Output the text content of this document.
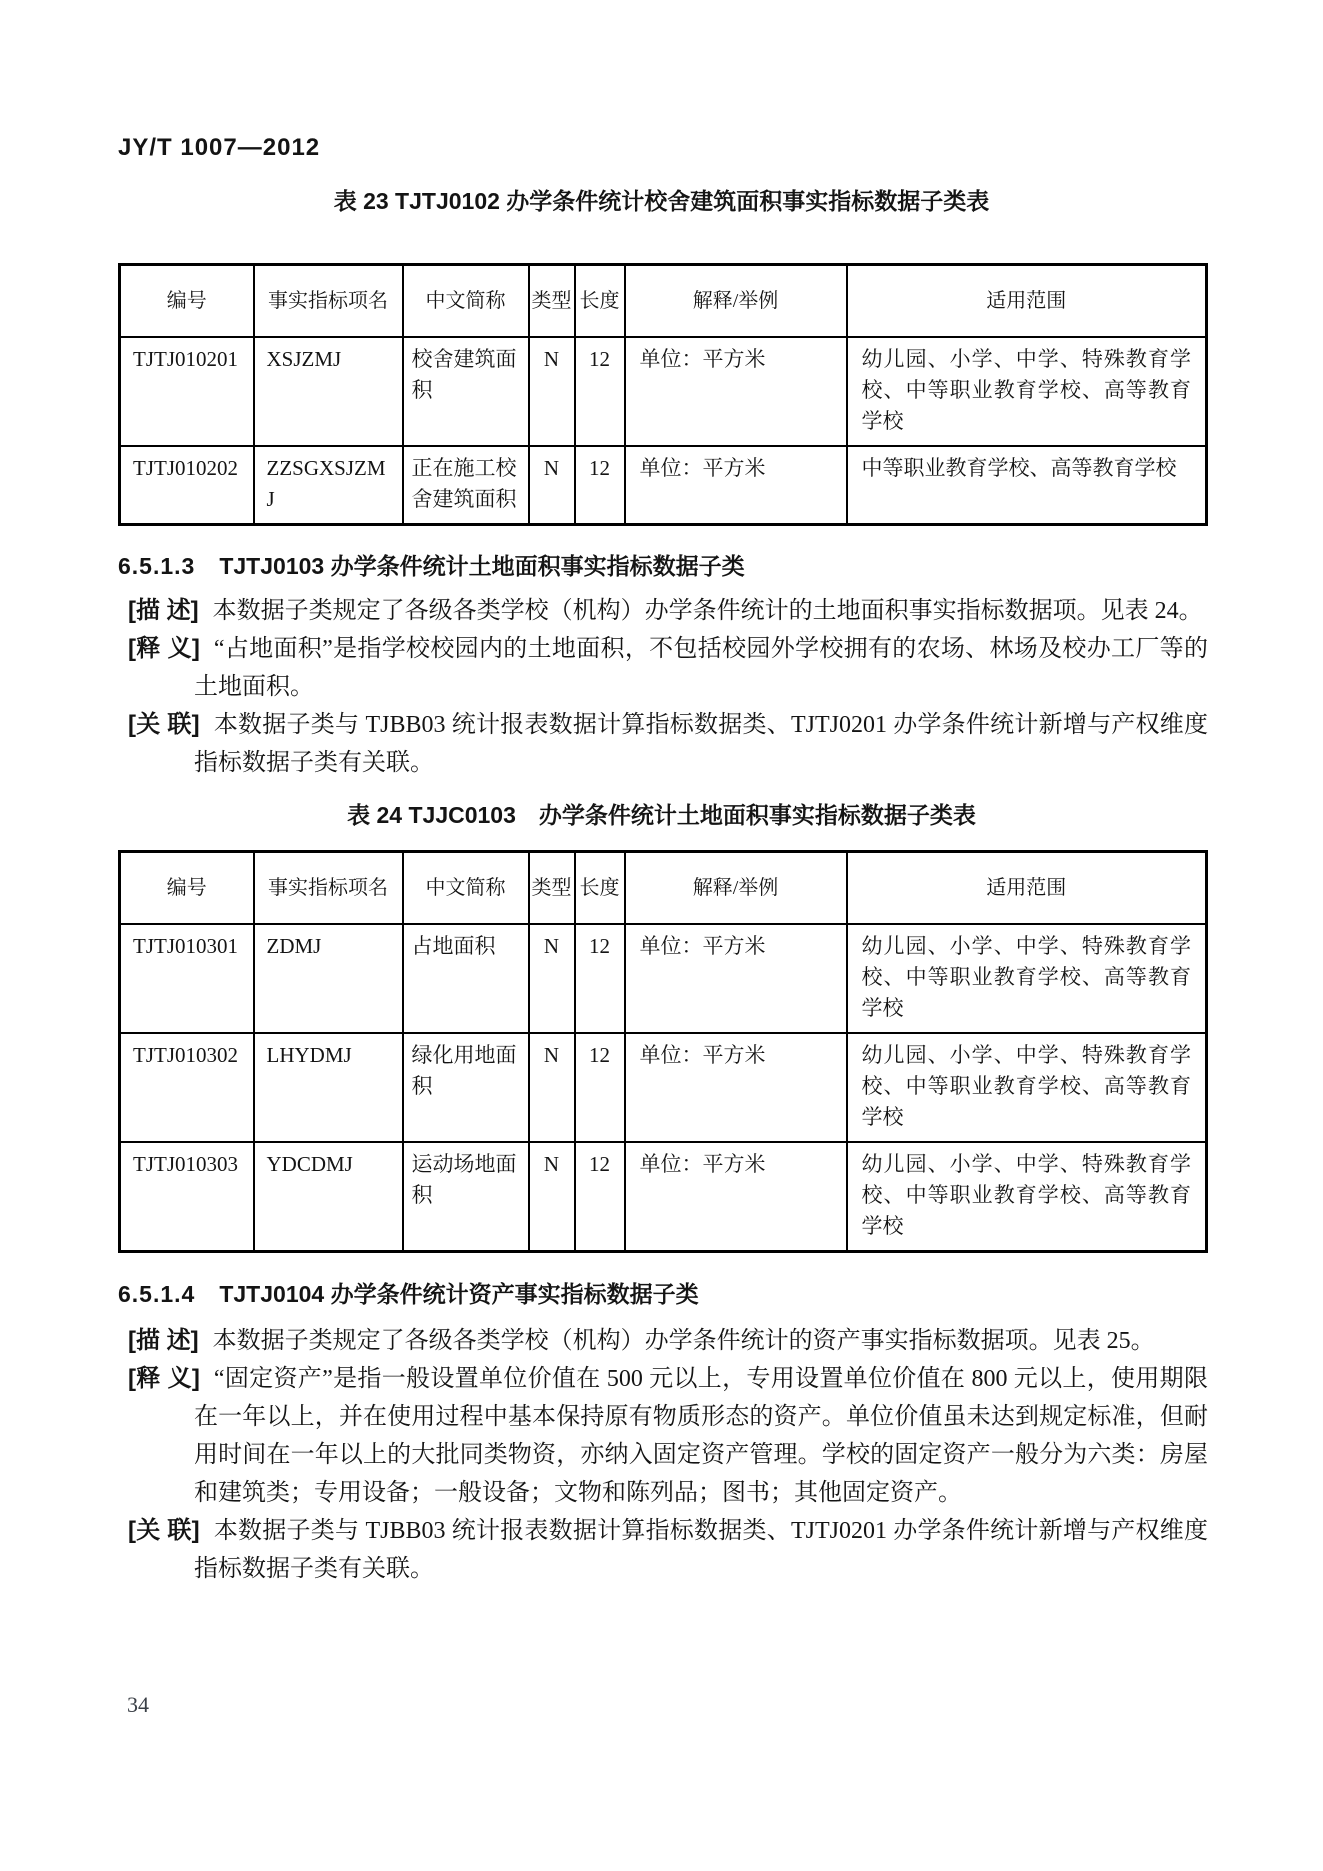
JY/T 1007—2012
表 23 TJTJ0102 办学条件统计校舍建筑面积事实指标数据子类表
编号	事实指标项名	中文简称	类型	长度	解释/举例	适用范围
TJTJ010201	XSJZMJ	校舍建筑面积	N	12	单位：平方米	幼儿园、小学、中学、特殊教育学校、中等职业教育学校、高等教育学校
TJTJ010202	ZZSGXSJZMJ	正在施工校舍建筑面积	N	12	单位：平方米	中等职业教育学校、高等教育学校
6.5.1.3 TJTJ0103 办学条件统计土地面积事实指标数据子类
[描 述] 本数据子类规定了各级各类学校（机构）办学条件统计的土地面积事实指标数据项。见表 24。
[释 义] “占地面积”是指学校校园内的土地面积，不包括校园外学校拥有的农场、林场及校办工厂等的土地面积。
[关 联] 本数据子类与 TJBB03 统计报表数据计算指标数据类、TJTJ0201 办学条件统计新增与产权维度指标数据子类有关联。
表 24 TJJC0103　办学条件统计土地面积事实指标数据子类表
编号	事实指标项名	中文简称	类型	长度	解释/举例	适用范围
TJTJ010301	ZDMJ	占地面积	N	12	单位：平方米	幼儿园、小学、中学、特殊教育学校、中等职业教育学校、高等教育学校
TJTJ010302	LHYDMJ	绿化用地面积	N	12	单位：平方米	幼儿园、小学、中学、特殊教育学校、中等职业教育学校、高等教育学校
TJTJ010303	YDCDMJ	运动场地面积	N	12	单位：平方米	幼儿园、小学、中学、特殊教育学校、中等职业教育学校、高等教育学校
6.5.1.4 TJTJ0104 办学条件统计资产事实指标数据子类
[描 述] 本数据子类规定了各级各类学校（机构）办学条件统计的资产事实指标数据项。见表 25。
[释 义] “固定资产”是指一般设置单位价值在 500 元以上，专用设置单位价值在 800 元以上，使用期限在一年以上，并在使用过程中基本保持原有物质形态的资产。单位价值虽未达到规定标准，但耐用时间在一年以上的大批同类物资，亦纳入固定资产管理。学校的固定资产一般分为六类：房屋和建筑类；专用设备；一般设备；文物和陈列品；图书；其他固定资产。
[关 联] 本数据子类与 TJBB03 统计报表数据计算指标数据类、TJTJ0201 办学条件统计新增与产权维度指标数据子类有关联。
34
